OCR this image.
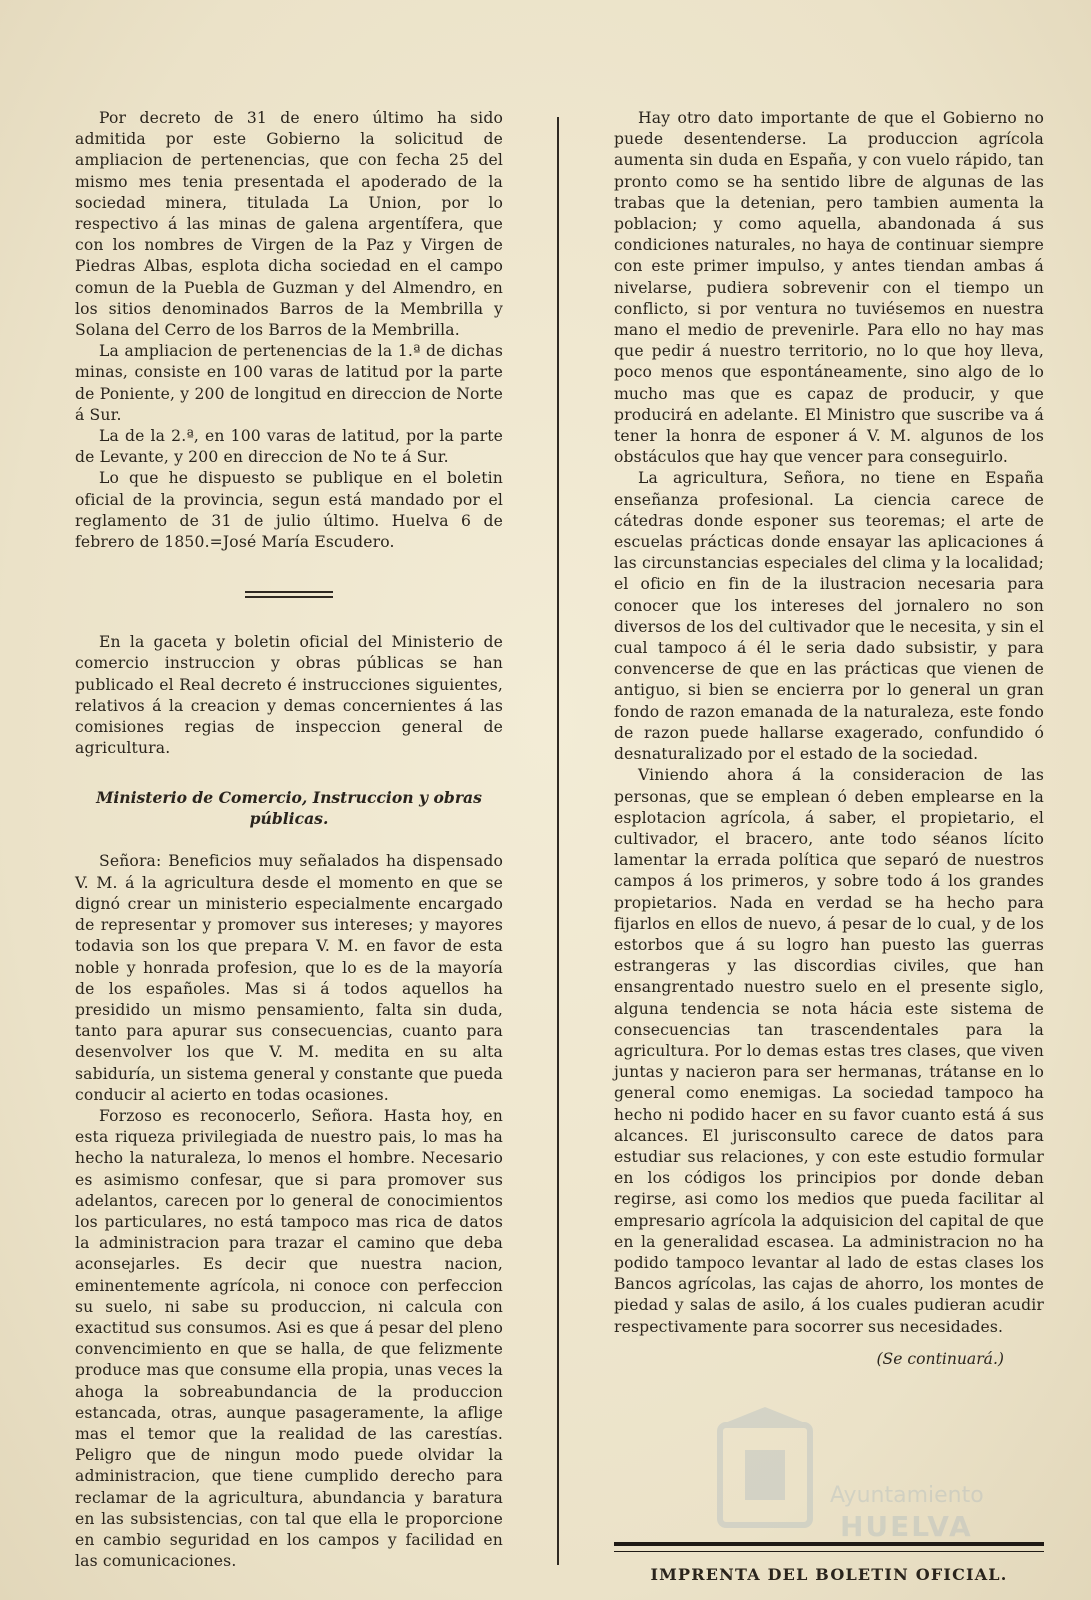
Por decreto de 31 de enero último ha sido admitida por este Gobierno la solicitud de ampliacion de pertenencias, que con fecha 25 del mismo mes tenia presentada el apoderado de la sociedad minera, titulada La Union, por lo respectivo á las minas de galena argentífera, que con los nombres de Virgen de la Paz y Virgen de Piedras Albas, esplota dicha sociedad en el campo comun de la Puebla de Guzman y del Almendro, en los sitios denominados Barros de la Membrilla y Solana del Cerro de los Barros de la Membrilla.

La ampliacion de pertenencias de la 1.ª de dichas minas, consiste en 100 varas de latitud por la parte de Poniente, y 200 de longitud en direccion de Norte á Sur.

La de la 2.ª, en 100 varas de latitud, por la parte de Levante, y 200 en direccion de No te á Sur.

Lo que he dispuesto se publique en el boletin oficial de la provincia, segun está mandado por el reglamento de 31 de julio último. Huelva 6 de febrero de 1850.=José María Escudero.

En la gaceta y boletin oficial del Ministerio de comercio instruccion y obras públicas se han publicado el Real decreto é instrucciones siguientes, relativos á la creacion y demas concernientes á las comisiones regias de inspeccion general de agricultura.

Ministerio de Comercio, Instruccion y obras públicas.

Señora: Beneficios muy señalados ha dispensado V. M. á la agricultura desde el momento en que se dignó crear un ministerio especialmente encargado de representar y promover sus intereses; y mayores todavia son los que prepara V. M. en favor de esta noble y honrada profesion, que lo es de la mayoría de los españoles. Mas si á todos aquellos ha presidido un mismo pensamiento, falta sin duda, tanto para apurar sus consecuencias, cuanto para desenvolver los que V. M. medita en su alta sabiduría, un sistema general y constante que pueda conducir al acierto en todas ocasiones.

Forzoso es reconocerlo, Señora. Hasta hoy, en esta riqueza privilegiada de nuestro pais, lo mas ha hecho la naturaleza, lo menos el hombre. Necesario es asimismo confesar, que si para promover sus adelantos, carecen por lo general de conocimientos los particulares, no está tampoco mas rica de datos la administracion para trazar el camino que deba aconsejarles. Es decir que nuestra nacion, eminentemente agrícola, ni conoce con perfeccion su suelo, ni sabe su produccion, ni calcula con exactitud sus consumos. Asi es que á pesar del pleno convencimiento en que se halla, de que felizmente produce mas que consume ella propia, unas veces la ahoga la sobreabundancia de la produccion estancada, otras, aunque pasageramente, la aflige mas el temor que la realidad de las carestías. Peligro que de ningun modo puede olvidar la administracion, que tiene cumplido derecho para reclamar de la agricultura, abundancia y baratura en las subsistencias, con tal que ella le proporcione en cambio seguridad en los campos y facilidad en las comunicaciones.

Hay otro dato importante de que el Gobierno no puede desentenderse. La produccion agrícola aumenta sin duda en España, y con vuelo rápido, tan pronto como se ha sentido libre de algunas de las trabas que la detenian, pero tambien aumenta la poblacion; y como aquella, abandonada á sus condiciones naturales, no haya de continuar siempre con este primer impulso, y antes tiendan ambas á nivelarse, pudiera sobrevenir con el tiempo un conflicto, si por ventura no tuviésemos en nuestra mano el medio de prevenirle. Para ello no hay mas que pedir á nuestro territorio, no lo que hoy lleva, poco menos que espontáneamente, sino algo de lo mucho mas que es capaz de producir, y que producirá en adelante. El Ministro que suscribe va á tener la honra de esponer á V. M. algunos de los obstáculos que hay que vencer para conseguirlo.

La agricultura, Señora, no tiene en España enseñanza profesional. La ciencia carece de cátedras donde esponer sus teoremas; el arte de escuelas prácticas donde ensayar las aplicaciones á las circunstancias especiales del clima y la localidad; el oficio en fin de la ilustracion necesaria para conocer que los intereses del jornalero no son diversos de los del cultivador que le necesita, y sin el cual tampoco á él le seria dado subsistir, y para convencerse de que en las prácticas que vienen de antiguo, si bien se encierra por lo general un gran fondo de razon emanada de la naturaleza, este fondo de razon puede hallarse exagerado, confundido ó desnaturalizado por el estado de la sociedad.

Viniendo ahora á la consideracion de las personas, que se emplean ó deben emplearse en la esplotacion agrícola, á saber, el propietario, el cultivador, el bracero, ante todo séanos lícito lamentar la errada política que separó de nuestros campos á los primeros, y sobre todo á los grandes propietarios. Nada en verdad se ha hecho para fijarlos en ellos de nuevo, á pesar de lo cual, y de los estorbos que á su logro han puesto las guerras estrangeras y las discordias civiles, que han ensangrentado nuestro suelo en el presente siglo, alguna tendencia se nota hácia este sistema de consecuencias tan trascendentales para la agricultura. Por lo demas estas tres clases, que viven juntas y nacieron para ser hermanas, trátanse en lo general como enemigas. La sociedad tampoco ha hecho ni podido hacer en su favor cuanto está á sus alcances. El jurisconsulto carece de datos para estudiar sus relaciones, y con este estudio formular en los códigos los principios por donde deban regirse, asi como los medios que pueda facilitar al empresario agrícola la adquisicion del capital de que en la generalidad escasea. La administracion no ha podido tampoco levantar al lado de estas clases los Bancos agrícolas, las cajas de ahorro, los montes de piedad y salas de asilo, á los cuales pudieran acudir respectivamente para socorrer sus necesidades.

(Se continuará.)
Ayuntamiento
HUELVA
IMPRENTA DEL BOLETIN OFICIAL.
